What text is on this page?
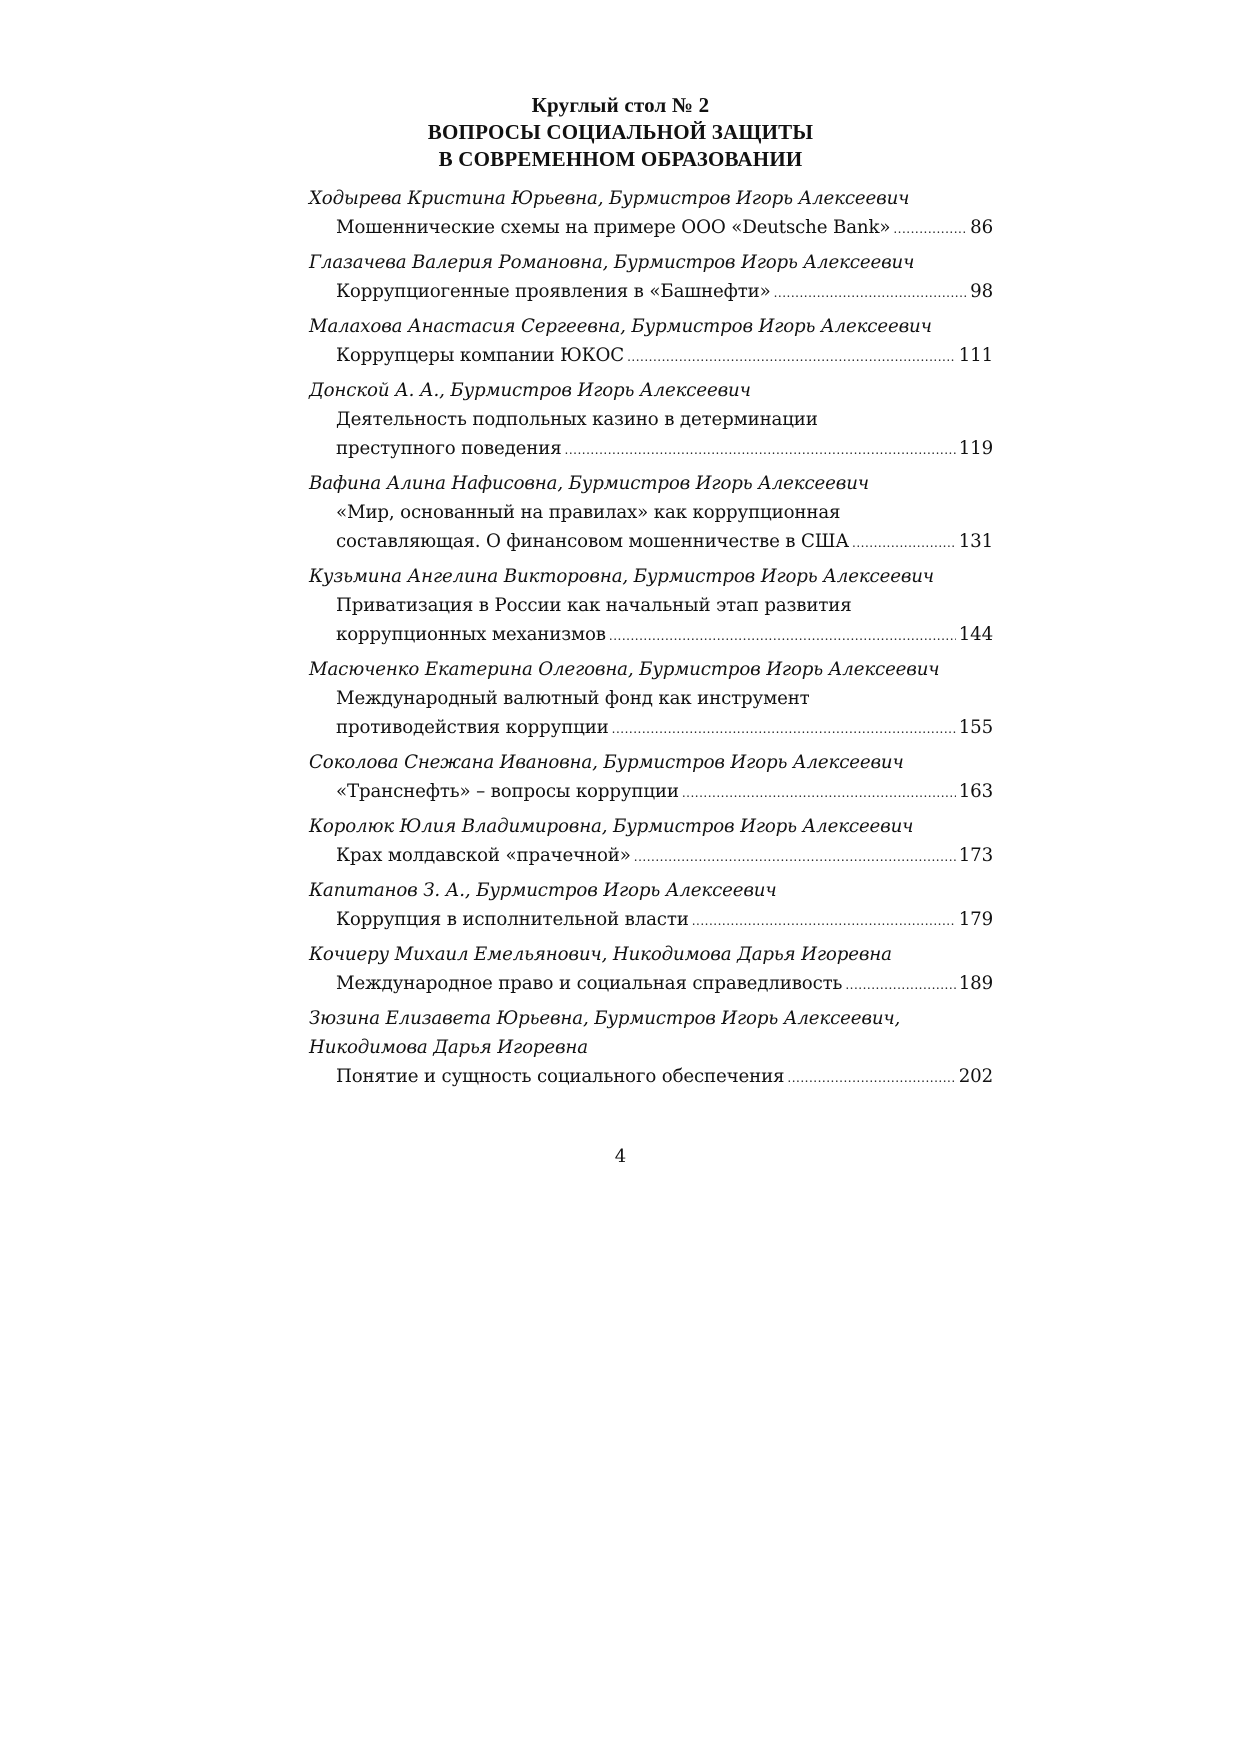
Круглый стол № 2
ВОПРОСЫ СОЦИАЛЬНОЙ ЗАЩИТЫ
В СОВРЕМЕННОМ ОБРАЗОВАНИИ
Ходырева Кристина Юрьевна, Бурмистров Игорь Алексеевич
Мошеннические схемы на примере ООО «Deutsche Bank» .....	86
Глазачева Валерия Романовна, Бурмистров Игорь Алексеевич
Коррупциогенные проявления в «Башнефти» .....	98
Малахова Анастасия Сергеевна, Бурмистров Игорь Алексеевич
Коррупцеры компании ЮКОС .....	111
Донской А. А., Бурмистров Игорь Алексеевич
Деятельность подпольных казино в детерминации
преступного поведения .....	119
Вафина Алина Нафисовна, Бурмистров Игорь Алексеевич
«Мир, основанный на правилах» как коррупционная
составляющая. О финансовом мошенничестве в США .....	131
Кузьмина Ангелина Викторовна, Бурмистров Игорь Алексеевич
Приватизация в России как начальный этап развития
коррупционных механизмов .....	144
Масюченко Екатерина Олеговна, Бурмистров Игорь Алексеевич
Международный валютный фонд как инструмент
противодействия коррупции .....	155
Соколова Снежана Ивановна, Бурмистров Игорь Алексеевич
«Транснефть» – вопросы коррупции .....	163
Королюк Юлия Владимировна, Бурмистров Игорь Алексеевич
Крах молдавской «прачечной» .....	173
Капитанов З. А., Бурмистров Игорь Алексеевич
Коррупция в исполнительной власти .....	179
Кочиеру Михаил Емельянович, Никодимова Дарья Игоревна
Международное право и социальная справедливость .....	189
Зюзина Елизавета Юрьевна, Бурмистров Игорь Алексеевич,
Никодимова Дарья Игоревна
Понятие и сущность социального обеспечения .....	202
4
